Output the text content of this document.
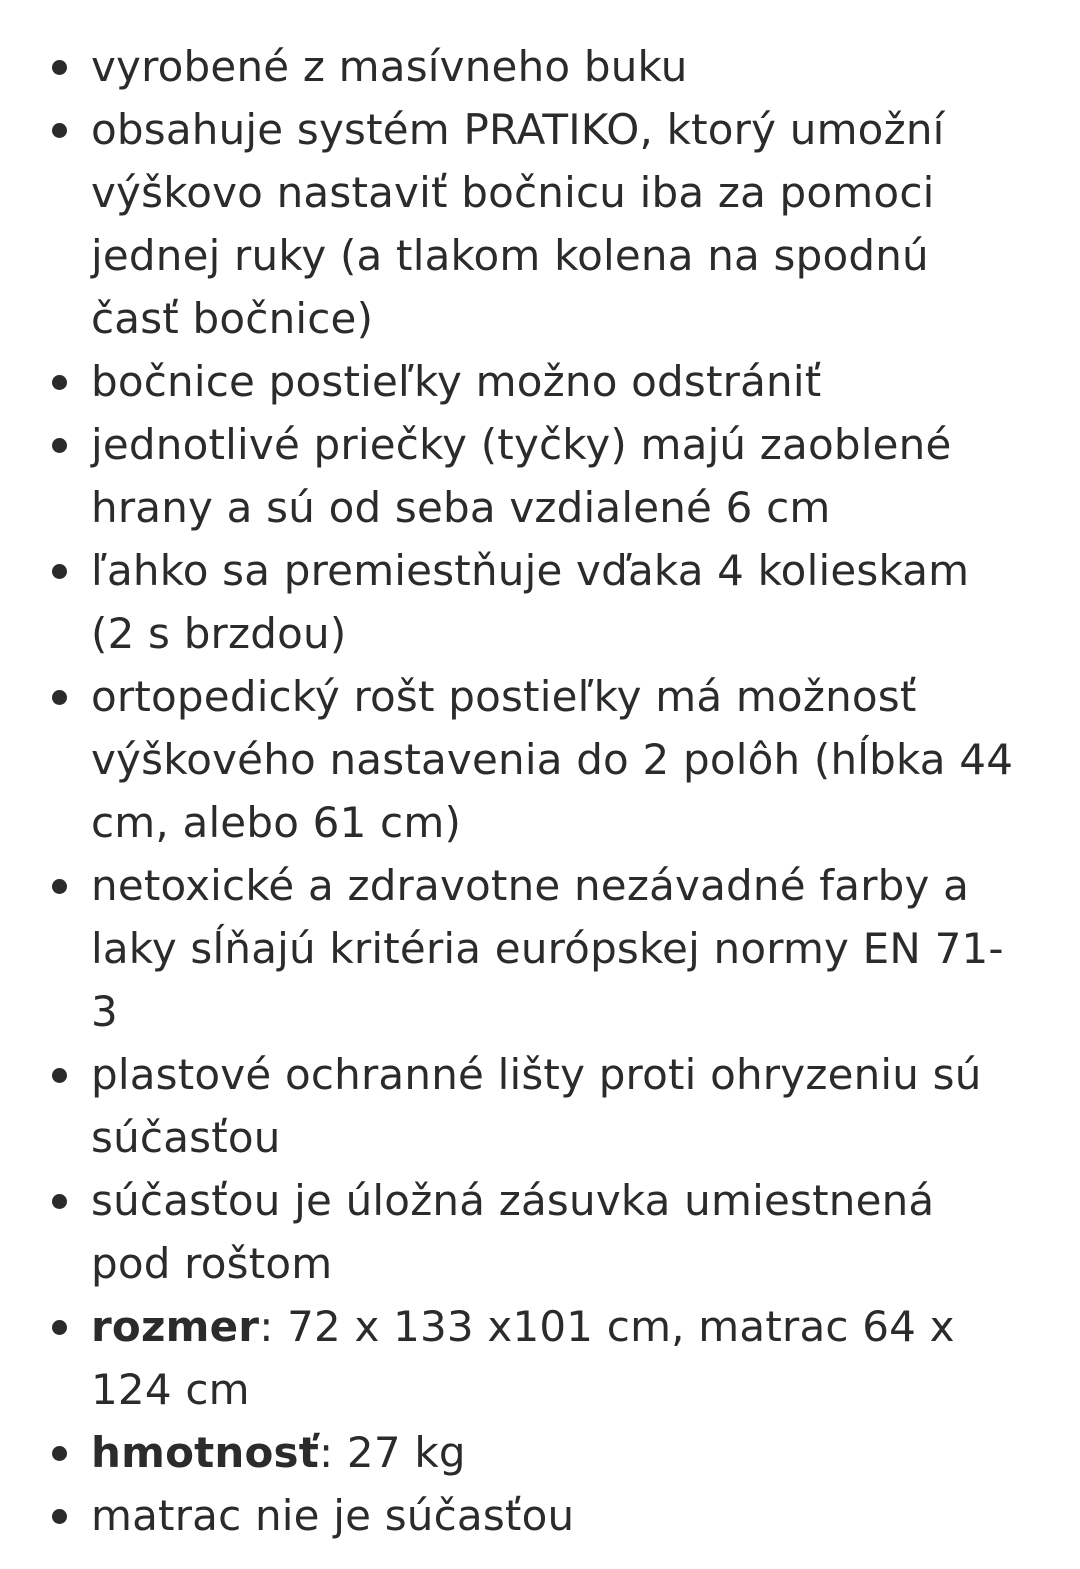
vyrobené z masívneho buku
obsahuje systém PRATIKO, ktorý umožní výškovo nastaviť bočnicu iba za pomoci jednej ruky (a tlakom kolena na spodnú časť bočnice)
bočnice postieľky možno odstrániť
jednotlivé priečky (tyčky) majú zaoblené hrany a sú od seba vzdialené 6 cm
ľahko sa premiestňuje vďaka 4 kolieskam (2 s brzdou)
ortopedický rošt postieľky má možnosť výškového nastavenia do 2 polôh (hĺbka 44 cm, alebo 61 cm)
netoxické a zdravotne nezávadné farby a laky sĺňajú kritéria európskej normy EN 71-3
plastové ochranné lišty proti ohryzeniu sú súčasťou
súčasťou je úložná zásuvka umiestnená pod roštom
rozmer: 72 x 133 x101 cm, matrac 64 x 124 cm
hmotnosť: 27 kg
matrac nie je súčasťou
